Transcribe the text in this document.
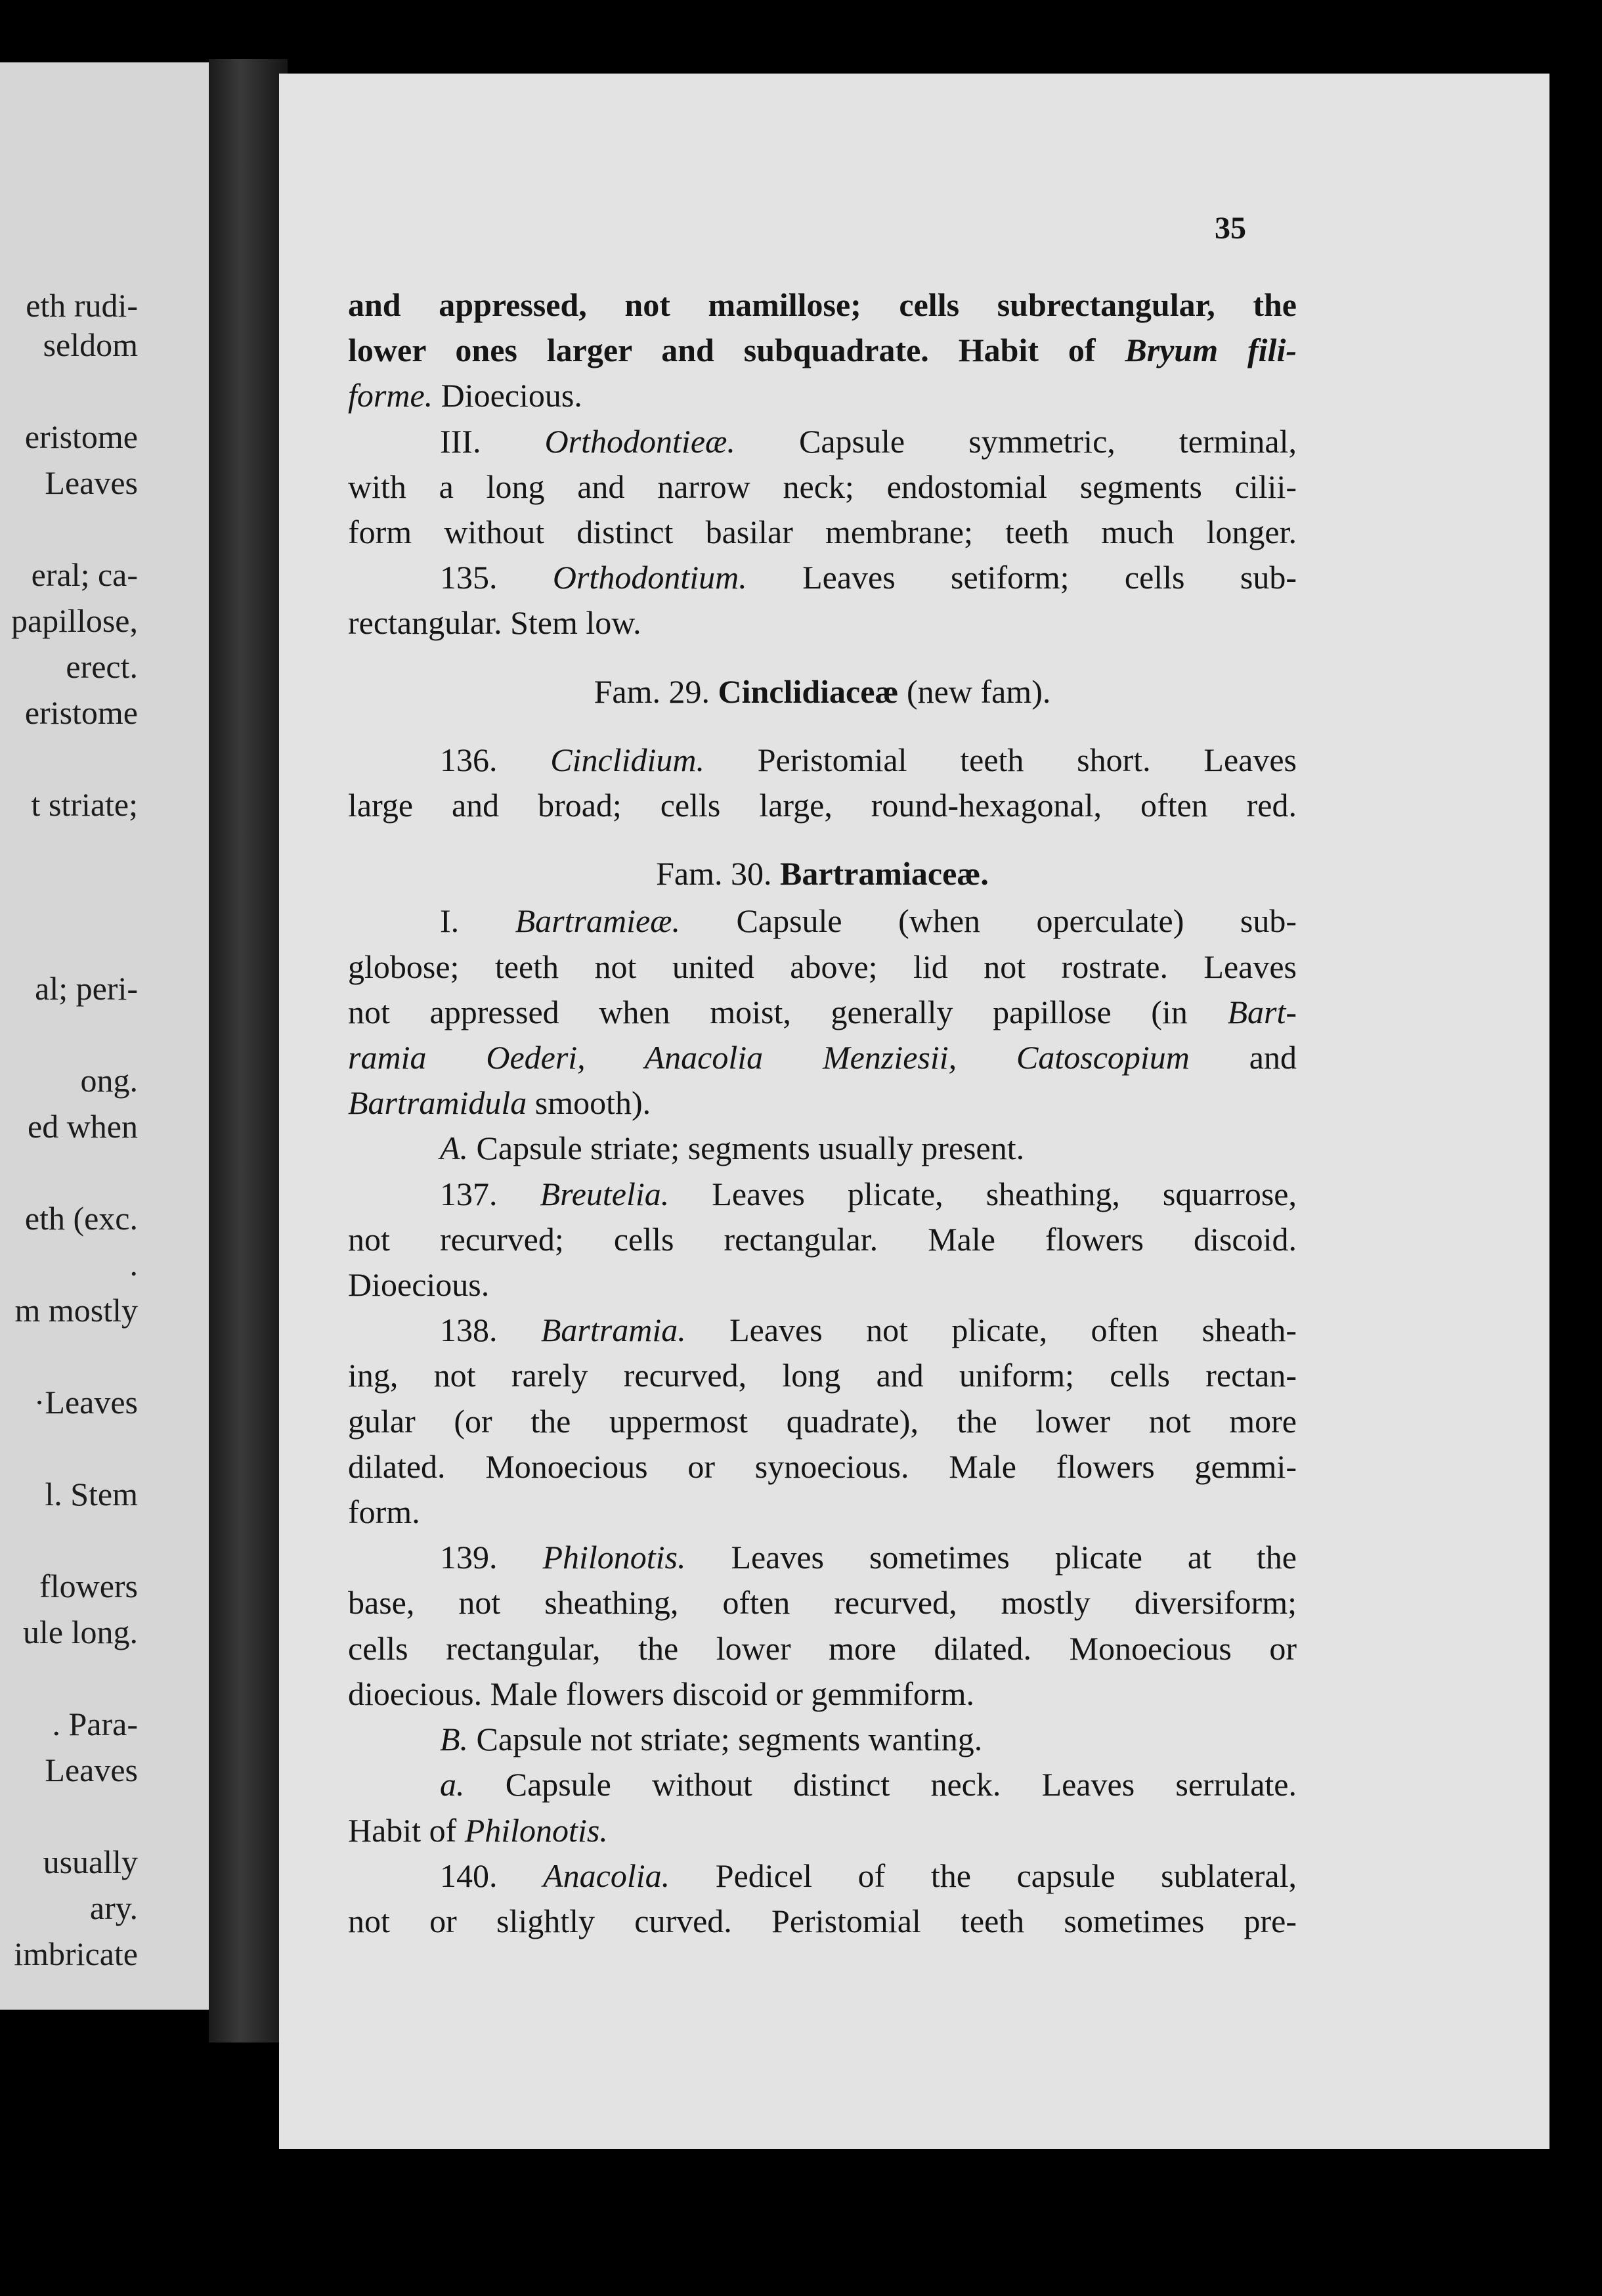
eth rudi-
seldom
eristome
Leaves
eral; ca-
papillose,
erect.
eristome
t striate;
al; peri-
ong.
ed when
eth (exc.
.
m mostly
·Leaves
l. Stem
flowers
ule long.
. Para-
Leaves
usually
ary.
imbricate
35
and appressed, not mamillose; cells subrectangular, the
lower ones larger and subquadrate. Habit of Bryum fili-
forme. Dioecious.
III. Orthodontieæ. Capsule symmetric, terminal,
with a long and narrow neck; endostomial segments cilii-
form without distinct basilar membrane; teeth much longer.
135. Orthodontium. Leaves setiform; cells sub-
rectangular. Stem low.
Fam. 29. Cinclidiaceæ (new fam).
136. Cinclidium. Peristomial teeth short. Leaves
large and broad; cells large, round-hexagonal, often red.
Fam. 30. Bartramiaceæ.
I. Bartramieæ. Capsule (when operculate) sub-
globose; teeth not united above; lid not rostrate. Leaves
not appressed when moist, generally papillose (in Bart-
ramia Oederi, Anacolia Menziesii, Catoscopium and
Bartramidula smooth).
A. Capsule striate; segments usually present.
137. Breutelia. Leaves plicate, sheathing, squarrose,
not recurved; cells rectangular. Male flowers discoid.
Dioecious.
138. Bartramia. Leaves not plicate, often sheath-
ing, not rarely recurved, long and uniform; cells rectan-
gular (or the uppermost quadrate), the lower not more
dilated. Monoecious or synoecious. Male flowers gemmi-
form.
139. Philonotis. Leaves sometimes plicate at the
base, not sheathing, often recurved, mostly diversiform;
cells rectangular, the lower more dilated. Monoecious or
dioecious. Male flowers discoid or gemmiform.
B. Capsule not striate; segments wanting.
a. Capsule without distinct neck. Leaves serrulate.
Habit of Philonotis.
140. Anacolia. Pedicel of the capsule sublateral,
not or slightly curved. Peristomial teeth sometimes pre-
